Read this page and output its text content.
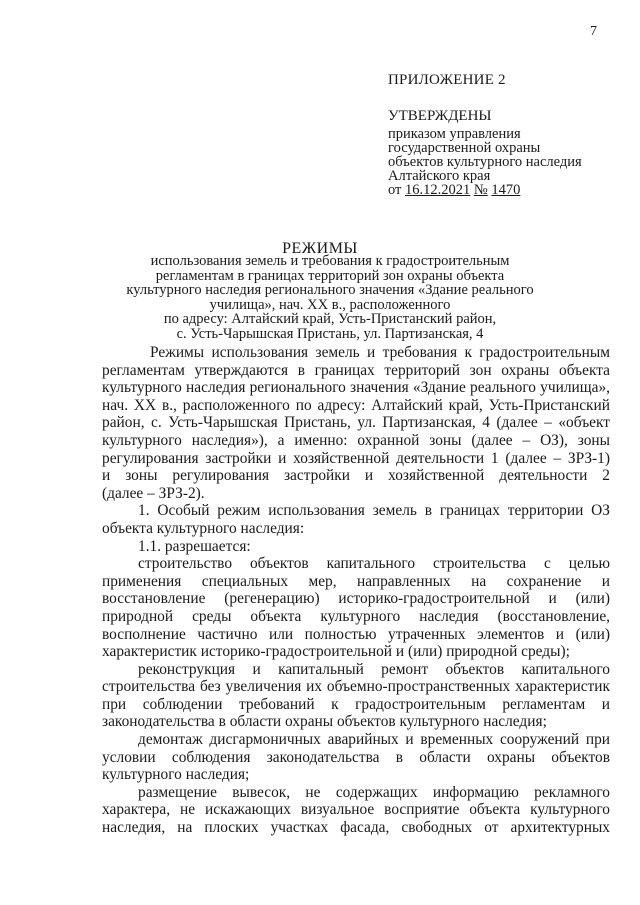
7
ПРИЛОЖЕНИЕ 2
УТВЕРЖДЕНЫ
приказом управления
государственной охраны
объектов культурного наследия
Алтайского края
от 16.12.2021 № 1470
РЕЖИМЫ
использования земель и требования к градостроительным
регламентам в границах территорий зон охраны объекта
культурного наследия регионального значения «Здание реального
училища», нач. XX в., расположенного
по адресу: Алтайский край, Усть-Пристанский район,
с. Усть-Чарышская Пристань, ул. Партизанская, 4
Режимы использования земель и требования к градостроительным
регламентам утверждаются в границах территорий зон охраны объекта
культурного наследия регионального значения «Здание реального училища»,
нач. XX в., расположенного по адресу: Алтайский край, Усть-Пристанский
район, с. Усть-Чарышская Пристань, ул. Партизанская, 4 (далее – «объект
культурного наследия»), а именно: охранной зоны (далее – ОЗ), зоны
регулирования застройки и хозяйственной деятельности 1 (далее – ЗРЗ-1)
и зоны регулирования застройки и хозяйственной деятельности 2
(далее – ЗРЗ-2).
1. Особый режим использования земель в границах территории ОЗ
объекта культурного наследия:
1.1. разрешается:
строительство объектов капитального строительства с целью
применения специальных мер, направленных на сохранение и
восстановление (регенерацию) историко-градостроительной и (или)
природной среды объекта культурного наследия (восстановление,
восполнение частично или полностью утраченных элементов и (или)
характеристик историко-градостроительной и (или) природной среды);
реконструкция и капитальный ремонт объектов капитального
строительства без увеличения их объемно-пространственных характеристик
при соблюдении требований к градостроительным регламентам и
законодательства в области охраны объектов культурного наследия;
демонтаж дисгармоничных аварийных и временных сооружений при
условии соблюдения законодательства в области охраны объектов
культурного наследия;
размещение вывесок, не содержащих информацию рекламного
характера, не искажающих визуальное восприятие объекта культурного
наследия, на плоских участках фасада, свободных от архитектурных
